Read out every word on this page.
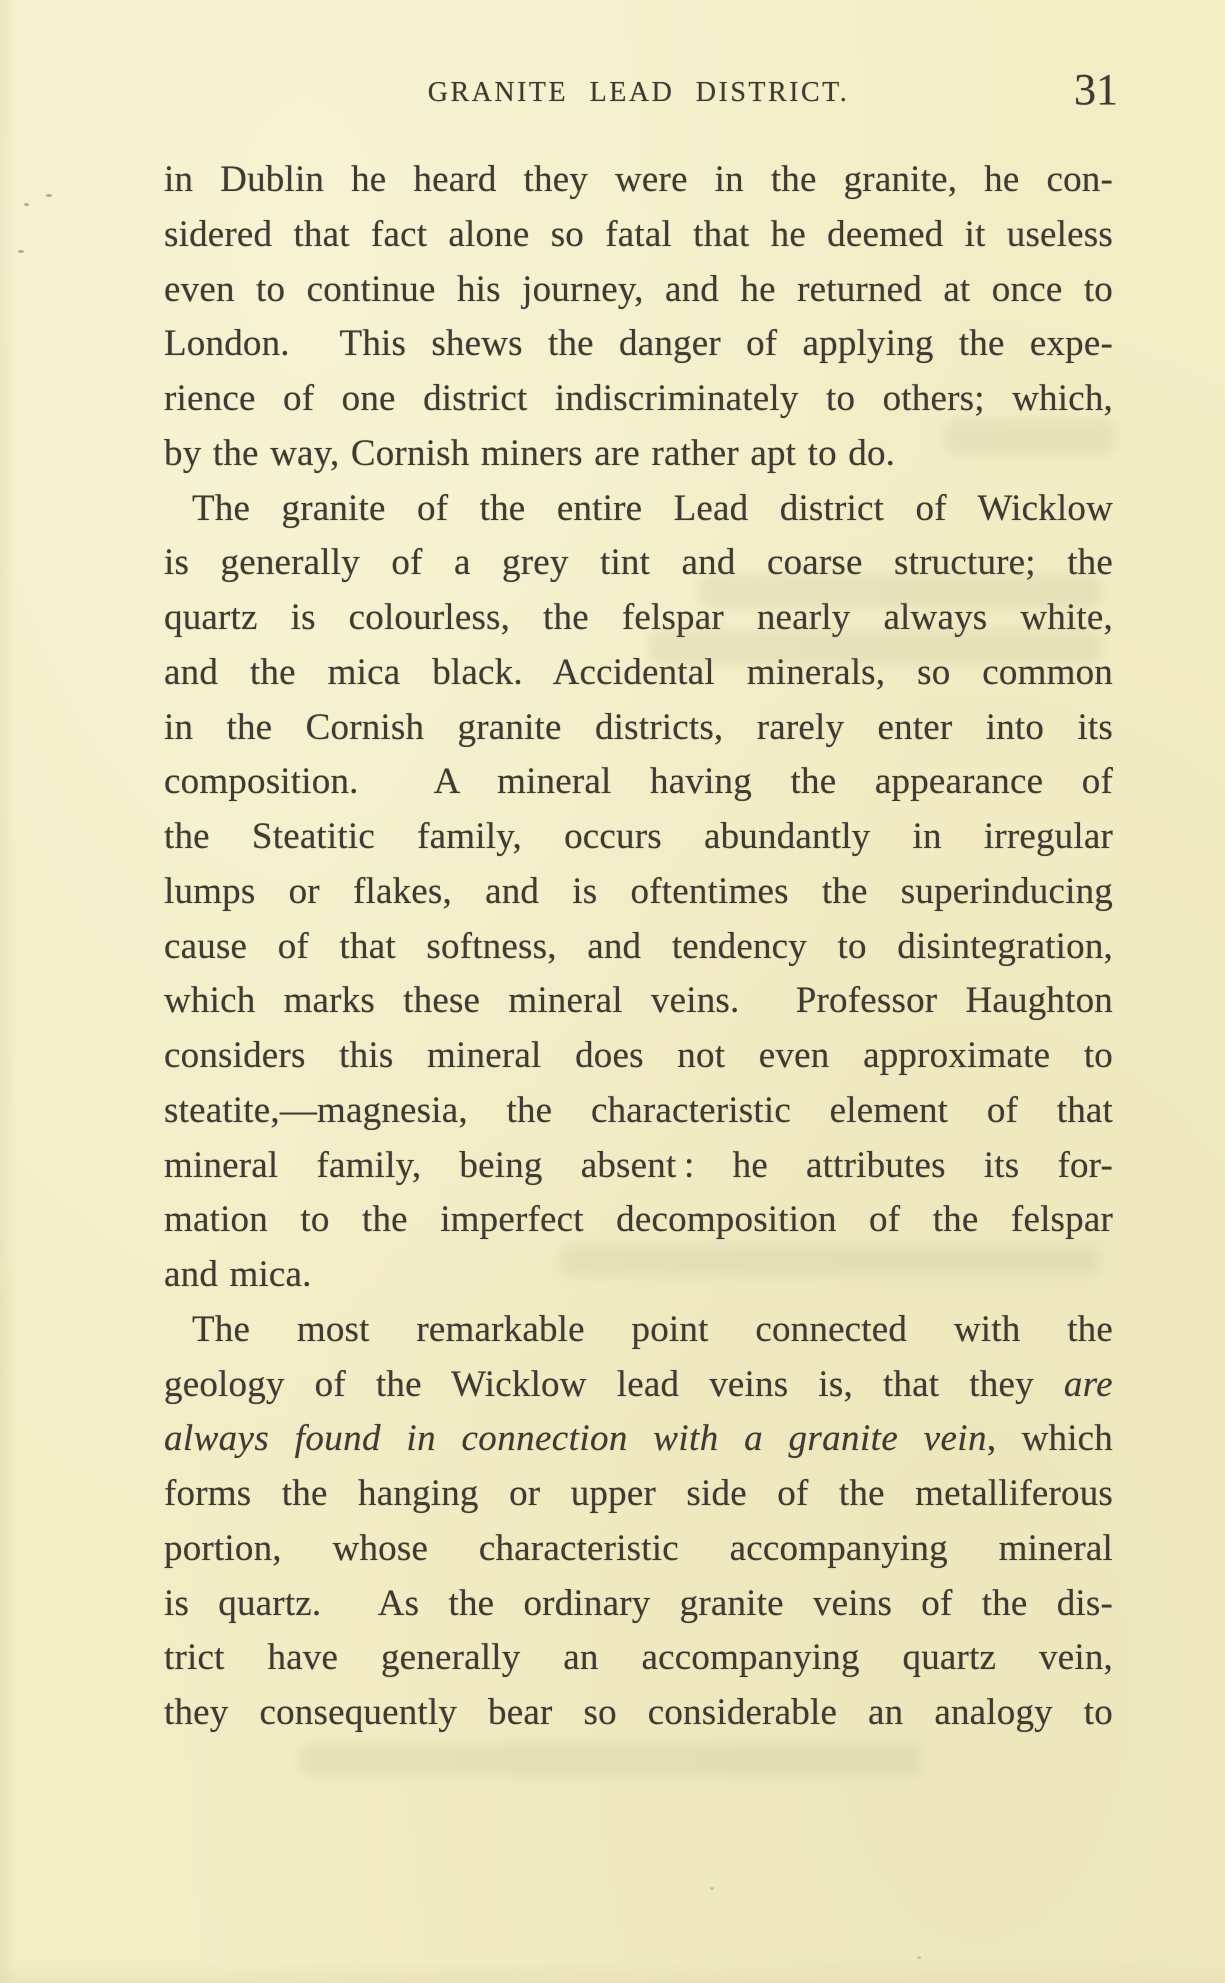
GRANITE LEAD DISTRICT.	31
in Dublin he heard they were in the granite, he con-
sidered that fact alone so fatal that he deemed it useless
even to continue his journey, and he returned at once to
London.  This shews the danger of applying the expe-
rience of one district indiscriminately to others; which,
by the way, Cornish miners are rather apt to do.
The granite of the entire Lead district of Wicklow
is generally of a grey tint and coarse structure; the
quartz is colourless, the felspar nearly always white,
and the mica black. Accidental minerals, so common
in the Cornish granite districts, rarely enter into its
composition.  A mineral having the appearance of
the Steatitic family, occurs abundantly in irregular
lumps or flakes, and is oftentimes the superinducing
cause of that softness, and tendency to disintegration,
which marks these mineral veins.  Professor Haughton
considers this mineral does not even approximate to
steatite,—magnesia, the characteristic element of that
mineral family, being absent : he attributes its for-
mation to the imperfect decomposition of the felspar
and mica.
The most remarkable point connected with the
geology of the Wicklow lead veins is, that they are
always found in connection with a granite vein, which
forms the hanging or upper side of the metalliferous
portion, whose characteristic accompanying mineral
is quartz.  As the ordinary granite veins of the dis-
trict have generally an accompanying quartz vein,
they consequently bear so considerable an analogy to
